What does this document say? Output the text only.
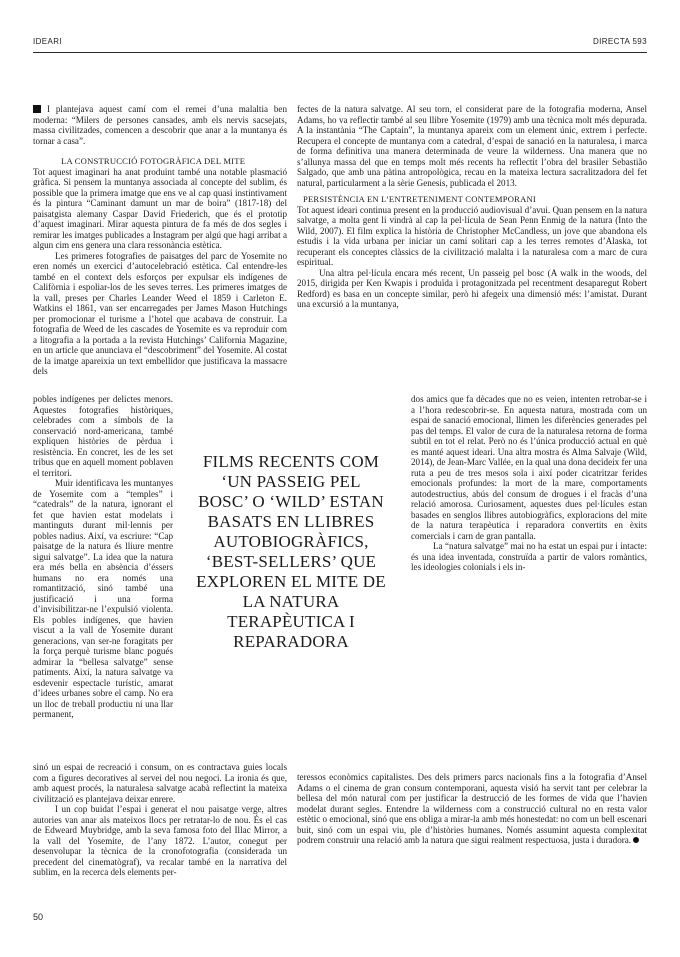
IDEARI	DIRECTA 593

I plantejava aquest camí com el remei d’una malaltia ben moderna: “Milers de persones cansades, amb els nervis sacsejats, massa civilitzades, comencen a descobrir que anar a la muntanya és tornar a casa”.

LA CONSTRUCCIÓ FOTOGRÀFICA DEL MITE

Tot aquest imaginari ha anat produint també una notable plasmació gràfica. Si pensem la muntanya associada al concepte del sublim, és possible que la primera imatge que ens ve al cap quasi instintivament és la pintura “Caminant damunt un mar de boira” (1817-18) del paisatgista alemany Caspar David Friederich, que és el prototip d’aquest imaginari. Mirar aquesta pintura de fa més de dos segles i remirar les imatges publicades a Instagram per algú que hagi arribat a algun cim ens genera una clara ressonància estètica.

Les primeres fotografies de paisatges del parc de Yosemite no eren només un exercici d’autocelebració estètica. Cal entendre-les també en el context dels esforços per expulsar els indígenes de Califòrnia i espoliar-los de les seves terres. Les primeres imatges de la vall, preses per Charles Leander Weed el 1859 i Carleton E. Watkins el 1861, van ser encarregades per James Mason Hutchings per promocionar el turisme a l’hotel que acabava de construir. La fotografia de Weed de les cascades de Yosemite es va reproduir com a litografia a la portada a la revista Hutchings’ California Magazine, en un article que anunciava el “descobriment” del Yosemite. Al costat de la imatge apareixia un text embellidor que justificava la massacre dels

pobles indígenes per delictes menors. Aquestes fotografies històriques, celebrades com a símbols de la conservació nord-americana, també expliquen històries de pèrdua i resistència. En concret, les de les set tribus que en aquell moment poblaven el territori.

Muir identificava les muntanyes de Yosemite com a “temples” i “catedrals” de la natura, ignorant el fet que havien estat modelats i mantinguts durant mil·lennis per pobles nadius. Així, va escriure: “Cap paisatge de la natura és lliure mentre sigui salvatge”. La idea que la natura era més bella en absència d’éssers humans no era només una romantització, sinó també una justificació i una forma d’invisibilitzar-ne l’expulsió violenta. Els pobles indígenes, que havien viscut a la vall de Yosemite durant generacions, van ser-ne foragitats per la força perquè turisme blanc pogués admirar la “bellesa salvatge” sense patiments. Així, la natura salvatge va esdevenir espectacle turístic, amarat d’idees urbanes sobre el camp. No era un lloc de treball productiu ni una llar permanent,

sinó un espai de recreació i consum, on es contractava guies locals com a figures decoratives al servei del nou negoci. La ironia és que, amb aquest procés, la naturalesa salvatge acabà reflectint la mateixa civilització es plantejava deixar enrere.

I un cop buidat l’espai i generat el nou paisatge verge, altres autories van anar als mateixos llocs per retratar-lo de nou. És el cas de Edweard Muybridge, amb la seva famosa foto del Illac Mirror, a la vall del Yosemite, de l’any 1872. L’autor, conegut per desenvolupar la tècnica de la cronofotografia (considerada un precedent del cinematògraf), va recalar també en la narrativa del sublim, en la recerca dels elements per-

FILMS RECENTS COM ‘UN PASSEIG PEL BOSC’ O ‘WILD’ ESTAN BASATS EN LLIBRES AUTOBIOGRÀFICS, ‘BEST-SELLERS’ QUE EXPLOREN EL MITE DE LA NATURA TERAPÈUTICA I REPARADORA

fectes de la natura salvatge. Al seu torn, el considerat pare de la fotografia moderna, Ansel Adams, ho va reflectir també al seu llibre Yosemite (1979) amb una tècnica molt més depurada. A la instantània “The Captain”, la muntanya apareix com un element únic, extrem i perfecte. Recupera el concepte de muntanya com a catedral, d’espai de sanació en la naturalesa, i marca de forma definitiva una manera determinada de veure la wilderness. Una manera que no s’allunya massa del que en temps molt més recents ha reflectit l’obra del brasiler Sebastião Salgado, que amb una pàtina antropològica, recau en la mateixa lectura sacralitzadora del fet natural, particularment a la sèrie Genesis, publicada el 2013.

PERSISTÈNCIA EN L’ENTRETENIMENT CONTEMPORANI

Tot aquest ideari continua present en la producció audiovisual d’avui. Quan pensem en la natura salvatge, a molta gent li vindrà al cap la pel·lícula de Sean Penn Enmig de la natura (Into the Wild, 2007). El film explica la història de Christopher McCandless, un jove que abandona els estudis i la vida urbana per iniciar un camí solitari cap a les terres remotes d’Alaska, tot recuperant els conceptes clàssics de la civilització malalta i la naturalesa com a marc de cura espiritual.

Una altra pel·lícula encara més recent, Un passeig pel bosc (A walk in the woods, del 2015, dirigida per Ken Kwapis i produïda i protagonitzada pel recentment desaparegut Robert Redford) es basa en un concepte similar, però hi afegeix una dimensió més: l’amistat. Durant una excursió a la muntanya,

dos amics que fa dècades que no es veien, intenten retrobar-se i a l’hora redescobrir-se. En aquesta natura, mostrada com un espai de sanació emocional, llimen les diferències generades pel pas del temps. El valor de cura de la naturalesa retorna de forma subtil en tot el relat. Però no és l’única producció actual en què es manté aquest ideari. Una altra mostra és Alma Salvaje (Wild, 2014), de Jean-Marc Vallée, en la qual una dona decideix fer una ruta a peu de tres mesos sola i així poder cicatritzar ferides emocionals profundes: la mort de la mare, comportaments autodestructius, abús del consum de drogues i el fracàs d’una relació amorosa. Curiosament, aquestes dues pel·lícules estan basades en senglos llibres autobiogràfics, exploracions del mite de la natura terapèutica i reparadora convertits en èxits comercials i carn de gran pantalla.

La “natura salvatge” mai no ha estat un espai pur i intacte: és una idea inventada, construïda a partir de valors romàntics, les ideologies colonials i els in-

teressos econòmics capitalistes. Des dels primers parcs nacionals fins a la fotografia d’Ansel Adams o el cinema de gran consum contemporani, aquesta visió ha servit tant per celebrar la bellesa del món natural com per justificar la destrucció de les formes de vida que l’havien modelat durant segles. Entendre la wilderness com a construcció cultural no en resta valor estètic o emocional, sinó que ens obliga a mirar-la amb més honestedat: no com un bell escenari buit, sinó com un espai viu, ple d’històries humanes. Només assumint aquesta complexitat podrem construir una relació amb la natura que sigui realment respectuosa, justa i duradora.

50
